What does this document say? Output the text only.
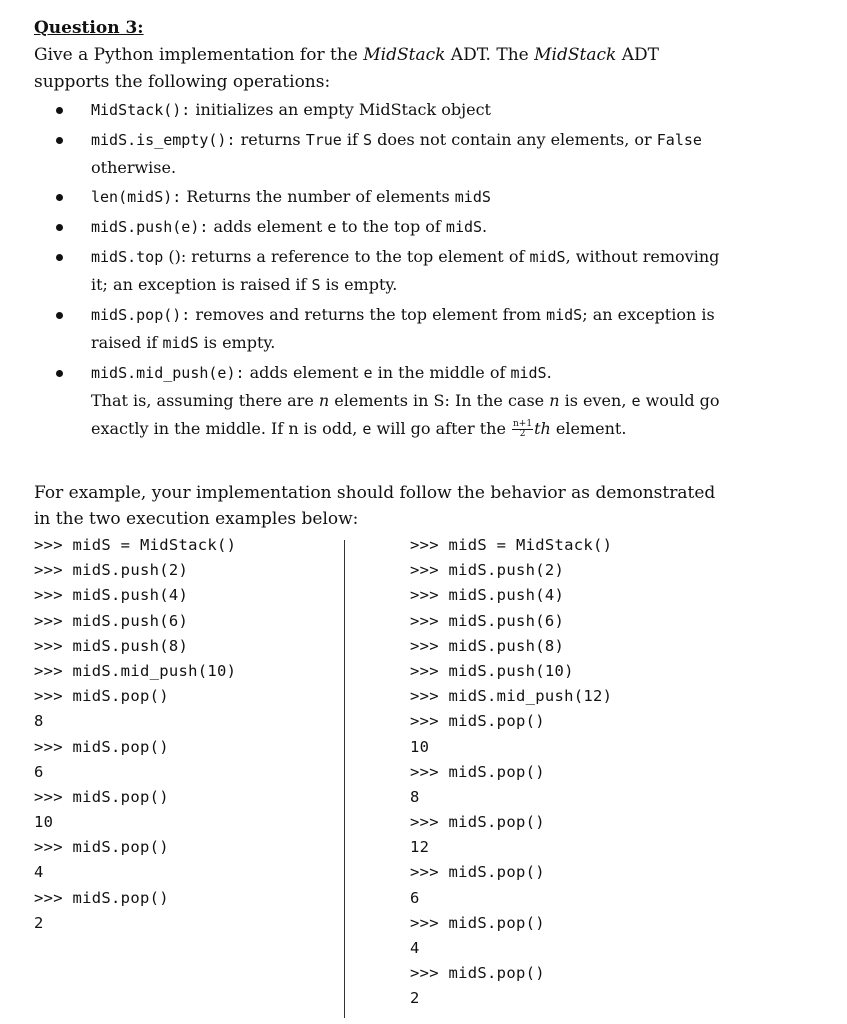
Question 3:
Give a Python implementation for the MidStack ADT. The MidStack ADT supports the following operations:
MidStack(): initializes an empty MidStack object
midS.is_empty(): returns True if S does not contain any elements, or False otherwise.
len(midS): Returns the number of elements midS
midS.push(e): adds element e to the top of midS.
midS.top (): returns a reference to the top element of midS, without removing it; an exception is raised if S is empty.
midS.pop(): removes and returns the top element from midS; an exception is raised if midS is empty.
midS.mid_push(e): adds element e in the middle of midS.
That is, assuming there are n elements in S: In the case n is even, e would go exactly in the middle. If n is odd, e will go after the $\frac{n+1}{2}$ th element.
For example, your implementation should follow the behavior as demonstrated in the two execution examples below:
>>> midS = MidStack()
>>> midS.push(2)
>>> midS.push(4)
>>> midS.push(6)
>>> midS.push(8)
>>> midS.mid_push(10)
>>> midS.pop()
8
>>> midS.pop()
6
>>> midS.pop()
10
>>> midS.pop()
4
>>> midS.pop()
2
>>> midS = MidStack()
>>> midS.push(2)
>>> midS.push(4)
>>> midS.push(6)
>>> midS.push(8)
>>> midS.push(10)
>>> midS.mid_push(12)
>>> midS.pop()
10
>>> midS.pop()
8
>>> midS.pop()
12
>>> midS.pop()
6
>>> midS.pop()
4
>>> midS.pop()
2
